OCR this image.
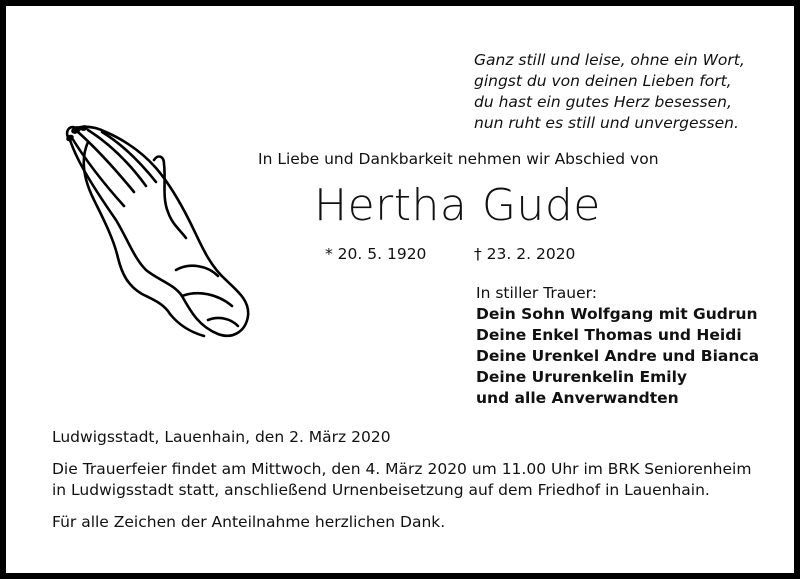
Ganz still und leise, ohne ein Wort,
gingst du von deinen Lieben fort,
du hast ein gutes Herz besessen,
nun ruht es still und unvergessen.
In Liebe und Dankbarkeit nehmen wir Abschied von
Hertha Gude
* 20. 5. 1920	† 23. 2. 2020
In stiller Trauer:
Dein Sohn Wolfgang mit Gudrun
Deine Enkel Thomas und Heidi
Deine Urenkel Andre und Bianca
Deine Ururenkelin Emily
und alle Anverwandten
Ludwigsstadt, Lauenhain, den 2. März 2020
Die Trauerfeier findet am Mittwoch, den 4. März 2020 um 11.00 Uhr im BRK Seniorenheim
in Ludwigsstadt statt, anschließend Urnenbeisetzung auf dem Friedhof in Lauenhain.
Für alle Zeichen der Anteilnahme herzlichen Dank.
